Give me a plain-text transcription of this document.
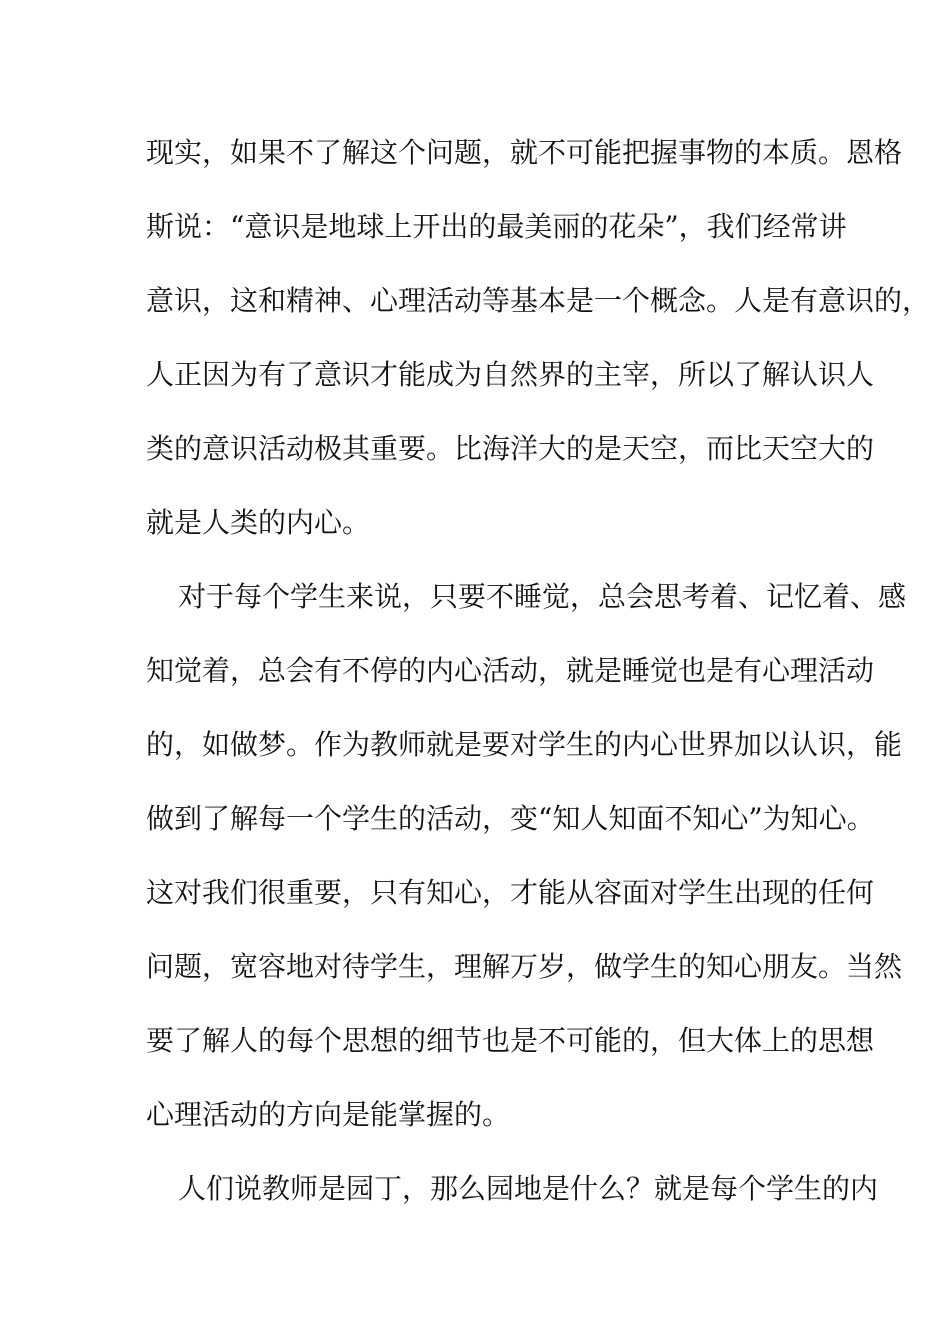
现实，如果不了解这个问题，就不可能把握事物的本质。恩格
斯说：“意识是地球上开出的最美丽的花朵”，我们经常讲
意识，这和精神、心理活动等基本是一个概念。人是有意识的，
人正因为有了意识才能成为自然界的主宰，所以了解认识人
类的意识活动极其重要。比海洋大的是天空，而比天空大的
就是人类的内心。
对于每个学生来说，只要不睡觉，总会思考着、记忆着、感
知觉着，总会有不停的内心活动，就是睡觉也是有心理活动
的，如做梦。作为教师就是要对学生的内心世界加以认识，能
做到了解每一个学生的活动，变“知人知面不知心”为知心。
这对我们很重要，只有知心，才能从容面对学生出现的任何
问题，宽容地对待学生，理解万岁，做学生的知心朋友。当然
要了解人的每个思想的细节也是不可能的，但大体上的思想
心理活动的方向是能掌握的。
人们说教师是园丁，那么园地是什么？就是每个学生的内
